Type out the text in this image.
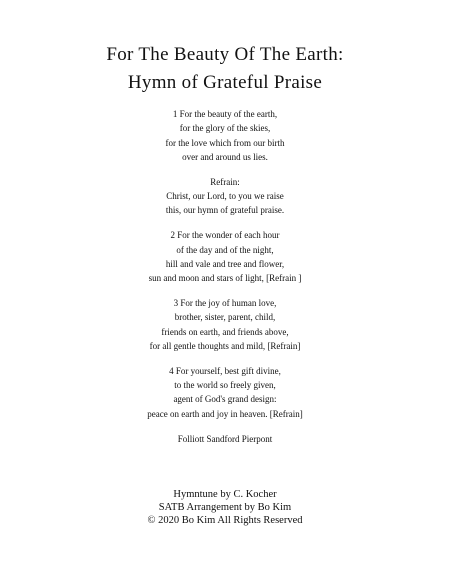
For The Beauty Of The Earth:
Hymn of Grateful Praise
1 For the beauty of the earth,
for the glory of the skies,
for the love which from our birth
over and around us lies.
Refrain:
Christ, our Lord, to you we raise
this, our hymn of grateful praise.
2 For the wonder of each hour
of the day and of the night,
hill and vale and tree and flower,
sun and moon and stars of light, [Refrain ]
3 For the joy of human love,
brother, sister, parent, child,
friends on earth, and friends above,
for all gentle thoughts and mild, [Refrain]
4 For yourself, best gift divine,
to the world so freely given,
agent of God's grand design:
peace on earth and joy in heaven. [Refrain]
Folliott Sandford Pierpont
Hymntune by C. Kocher
SATB Arrangement by Bo Kim
© 2020 Bo Kim All Rights Reserved
